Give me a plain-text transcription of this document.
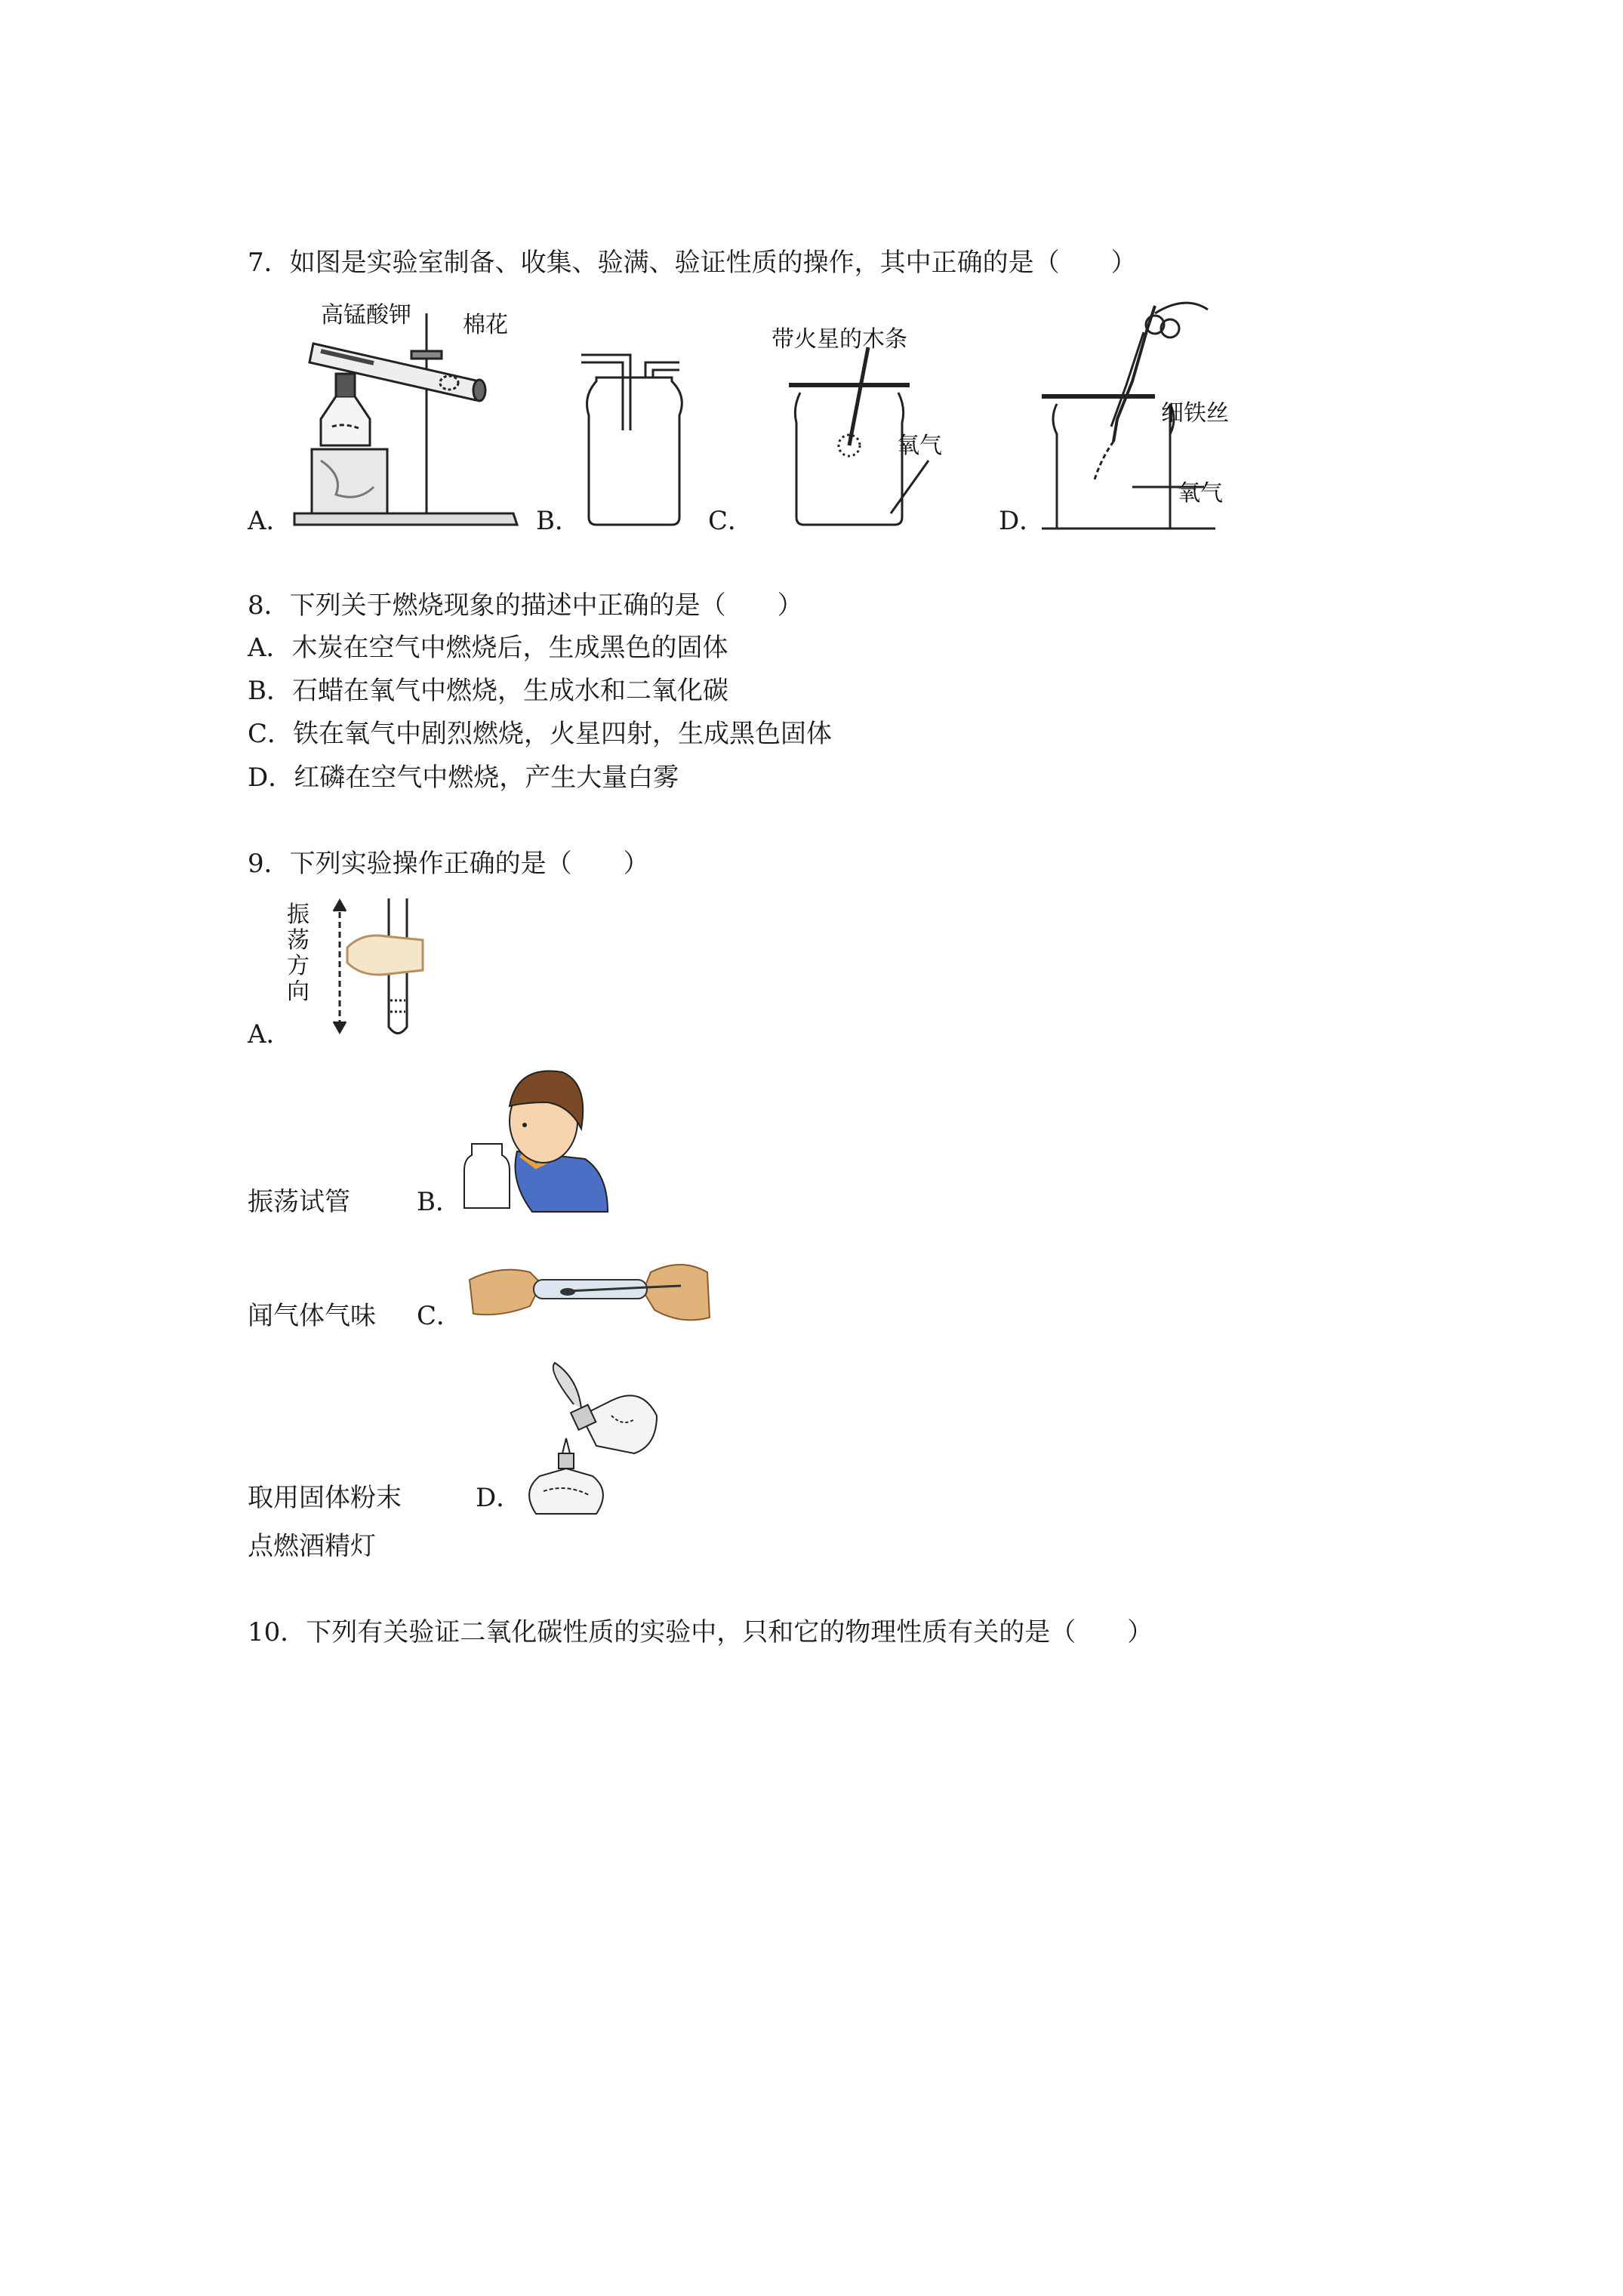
7．如图是实验室制备、收集、验满、验证性质的操作，其中正确的是（　　）
高锰酸钾 棉花
带火星的木条
氧气
细铁丝
氧气
A．	B．	C．	D．
8．下列关于燃烧现象的描述中正确的是（　　）
A．木炭在空气中燃烧后，生成黑色的固体
B．石蜡在氧气中燃烧，生成水和二氧化碳
C．铁在氧气中剧烈燃烧，火星四射，生成黑色固体
D．红磷在空气中燃烧，产生大量白雾
9．下列实验操作正确的是（　　）
振
荡
方
向
A．
振荡试管	B．
闻气体气味 C．
取用固体粉末	D．
点燃酒精灯
10．下列有关验证二氧化碳性质的实验中，只和它的物理性质有关的是（　　）
